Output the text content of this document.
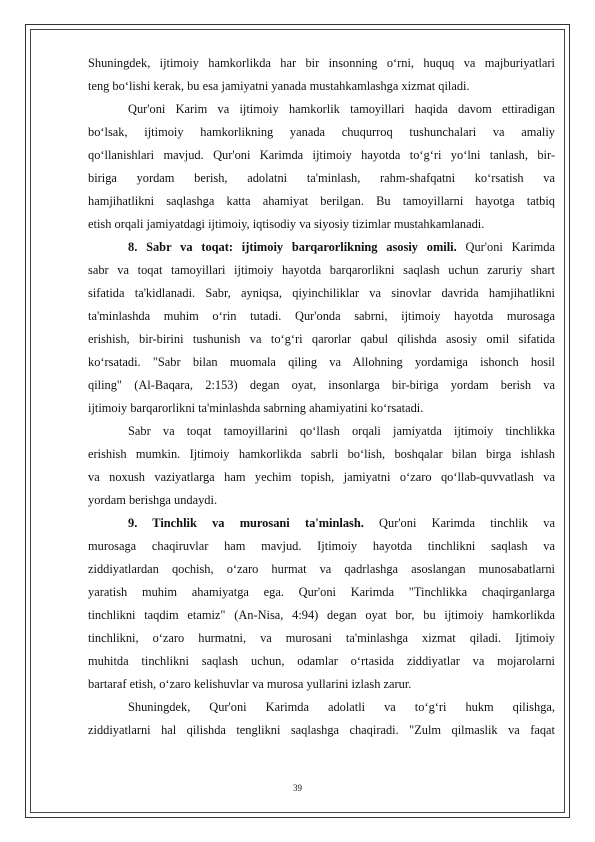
Shuningdek, ijtimoiy hamkorlikda har bir insonning o‘rni, huquq va majburiyatlari
teng bo‘lishi kerak, bu esa jamiyatni yanada mustahkamlashga xizmat qiladi.
Qur'oni Karim va ijtimoiy hamkorlik tamoyillari haqida davom ettiradigan
bo‘lsak, ijtimoiy hamkorlikning yanada chuqurroq tushunchalari va amaliy
qo‘llanishlari mavjud. Qur'oni Karimda ijtimoiy hayotda to‘g‘ri yo‘lni tanlash, bir-
biriga yordam berish, adolatni ta'minlash, rahm-shafqatni ko‘rsatish va
hamjihatlikni saqlashga katta ahamiyat berilgan. Bu tamoyillarni hayotga tatbiq
etish orqali jamiyatdagi ijtimoiy, iqtisodiy va siyosiy tizimlar mustahkamlanadi.
8. Sabr va toqat: ijtimoiy barqarorlikning asosiy omili. Qur'oni Karimda
sabr va toqat tamoyillari ijtimoiy hayotda barqarorlikni saqlash uchun zaruriy shart
sifatida ta'kidlanadi. Sabr, ayniqsa, qiyinchiliklar va sinovlar davrida hamjihatlikni
ta'minlashda muhim o‘rin tutadi. Qur'onda sabrni, ijtimoiy hayotda murosaga
erishish, bir-birini tushunish va to‘g‘ri qarorlar qabul qilishda asosiy omil sifatida
ko‘rsatadi. "Sabr bilan muomala qiling va Allohning yordamiga ishonch hosil
qiling" (Al-Baqara, 2:153) degan oyat, insonlarga bir-biriga yordam berish va
ijtimoiy barqarorlikni ta'minlashda sabrning ahamiyatini ko‘rsatadi.
Sabr va toqat tamoyillarini qo‘llash orqali jamiyatda ijtimoiy tinchlikka
erishish mumkin. Ijtimoiy hamkorlikda sabrli bo‘lish, boshqalar bilan birga ishlash
va noxush vaziyatlarga ham yechim topish, jamiyatni o‘zaro qo‘llab-quvvatlash va
yordam berishga undaydi.
9. Tinchlik va murosani ta'minlash. Qur'oni Karimda tinchlik va
murosaga chaqiruvlar ham mavjud. Ijtimoiy hayotda tinchlikni saqlash va
ziddiyatlardan qochish, o‘zaro hurmat va qadrlashga asoslangan munosabatlarni
yaratish muhim ahamiyatga ega. Qur'oni Karimda "Tinchlikka chaqirganlarga
tinchlikni taqdim etamiz" (An-Nisa, 4:94) degan oyat bor, bu ijtimoiy hamkorlikda
tinchlikni, o‘zaro hurmatni, va murosani ta'minlashga xizmat qiladi. Ijtimoiy
muhitda tinchlikni saqlash uchun, odamlar o‘rtasida ziddiyatlar va mojarolarni
bartaraf etish, o‘zaro kelishuvlar va murosa yullarini izlash zarur.
Shuningdek, Qur'oni Karimda adolatli va to‘g‘ri hukm qilishga,
ziddiyatlarni hal qilishda tenglikni saqlashga chaqiradi. "Zulm qilmaslik va faqat
39
